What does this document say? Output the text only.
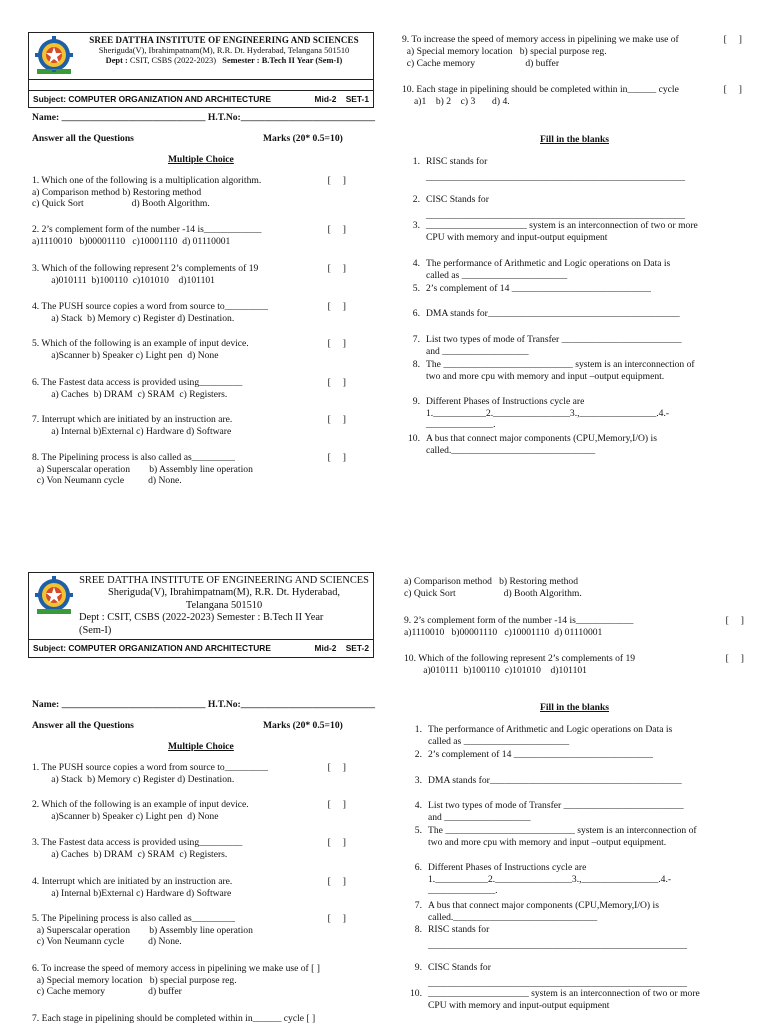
SREE DATTHA INSTITUTE OF ENGINEERING AND SCIENCES
Sheriguda(V), Ibrahimpatnam(M), R.R. Dt. Hyderabad, Telangana 501510
Dept : CSIT, CSBS (2022-2023) Semester : B.Tech II Year (Sem-I)
Subject: COMPUTER ORGANIZATION AND ARCHITECTURE	Mid-2 SET-1
Name: ______________________________ H.T.No:____________________________
Answer all the Questions	Marks (20* 0.5=10)
Multiple Choice
1. Which one of the following is a multiplication algorithm.
a) Comparison method b) Restoring method
c) Quick Sort                    d) Booth Algorithm.
[     ]
2. 2’s complement form of the number -14 is____________
a)1110010   b)00001110   c)10001110  d) 01110001
[     ]
3. Which of the following represent 2’s complements of 19
a)010111  b)100110  c)101010    d)101101
[     ]
4. The PUSH source copies a word from source to_________
a) Stack  b) Memory c) Register d) Destination.
[     ]
5. Which of the following is an example of input device.
a)Scanner b) Speaker c) Light pen  d) None
[     ]
6. The Fastest data access is provided using_________
a) Caches  b) DRAM  c) SRAM  c) Registers.
[     ]
7. Interrupt which are initiated by an instruction are.
a) Internal b)External c) Hardware d) Software
[     ]
8. The Pipelining process is also called as_________
a) Superscalar operation        b) Assembly line operation
c) Von Neumann cycle          d) None.
[     ]
9. To increase the speed of memory access in pipelining we make use of
a) Special memory location   b) special purpose reg.
c) Cache memory                     d) buffer
[     ]
10. Each stage in pipelining should be completed within in______ cycle
a)1    b) 2    c) 3       d) 4.
[     ]
Fill in the blanks
1. RISC stands for
______________________________________________________
2. CISC Stands for
______________________________________________________
3. _____________________ system is an interconnection of two or more
CPU with memory and input-output equipment
4. The performance of Arithmetic and Logic operations on Data is
called as ______________________
5. 2’s complement of 14 _____________________________
6. DMA stands for________________________________________
7. List two types of mode of Transfer _________________________
and __________________
8. The ___________________________ system is an interconnection of
two and more cpu with memory and input –output equipment.
9. Different Phases of Instructions cycle are
1.___________2.________________3.,________________.4.-
______________.
10. A bus that connect major components (CPU,Memory,I/O) is
called.______________________________
SREE DATTHA INSTITUTE OF ENGINEERING AND SCIENCES
Sheriguda(V), Ibrahimpatnam(M), R.R. Dt. Hyderabad,
Telangana 501510
Dept : CSIT, CSBS (2022-2023) Semester : B.Tech II Year
(Sem-I)
Subject: COMPUTER ORGANIZATION AND ARCHITECTURE	Mid-2 SET-2
Name: ______________________________ H.T.No:____________________________
Answer all the Questions	Marks (20* 0.5=10)
Multiple Choice
1. The PUSH source copies a word from source to_________
a) Stack  b) Memory c) Register d) Destination.
[     ]
2. Which of the following is an example of input device.
a)Scanner b) Speaker c) Light pen  d) None
[     ]
3. The Fastest data access is provided using_________
a) Caches  b) DRAM  c) SRAM  c) Registers.
[     ]
4. Interrupt which are initiated by an instruction are.
a) Internal b)External c) Hardware d) Software
[     ]
5. The Pipelining process is also called as_________
a) Superscalar operation        b) Assembly line operation
c) Von Neumann cycle          d) None.
[     ]
6. To increase the speed of memory access in pipelining we make use of [ ]
a) Special memory location   b) special purpose reg.
c) Cache memory                  d) buffer
7. Each stage in pipelining should be completed within in______ cycle [ ]
a) Comparison method   b) Restoring method
c) Quick Sort                    d) Booth Algorithm.
9. 2’s complement form of the number -14 is____________
a)1110010   b)00001110   c)10001110  d) 01110001
[     ]
10. Which of the following represent 2’s complements of 19
a)010111  b)100110  c)101010    d)101101
[     ]
Fill in the blanks
1. The performance of Arithmetic and Logic operations on Data is
called as ______________________
2. 2’s complement of 14 _____________________________
3. DMA stands for________________________________________
4. List two types of mode of Transfer _________________________
and __________________
5. The ___________________________ system is an interconnection of
two and more cpu with memory and input –output equipment.
6. Different Phases of Instructions cycle are
1.___________2.________________3.,________________.4.-
______________.
7. A bus that connect major components (CPU,Memory,I/O) is
called.______________________________
8. RISC stands for
______________________________________________________
9. CISC Stands for
______________________________________________________
10. _____________________ system is an interconnection of two or more
CPU with memory and input-output equipment
